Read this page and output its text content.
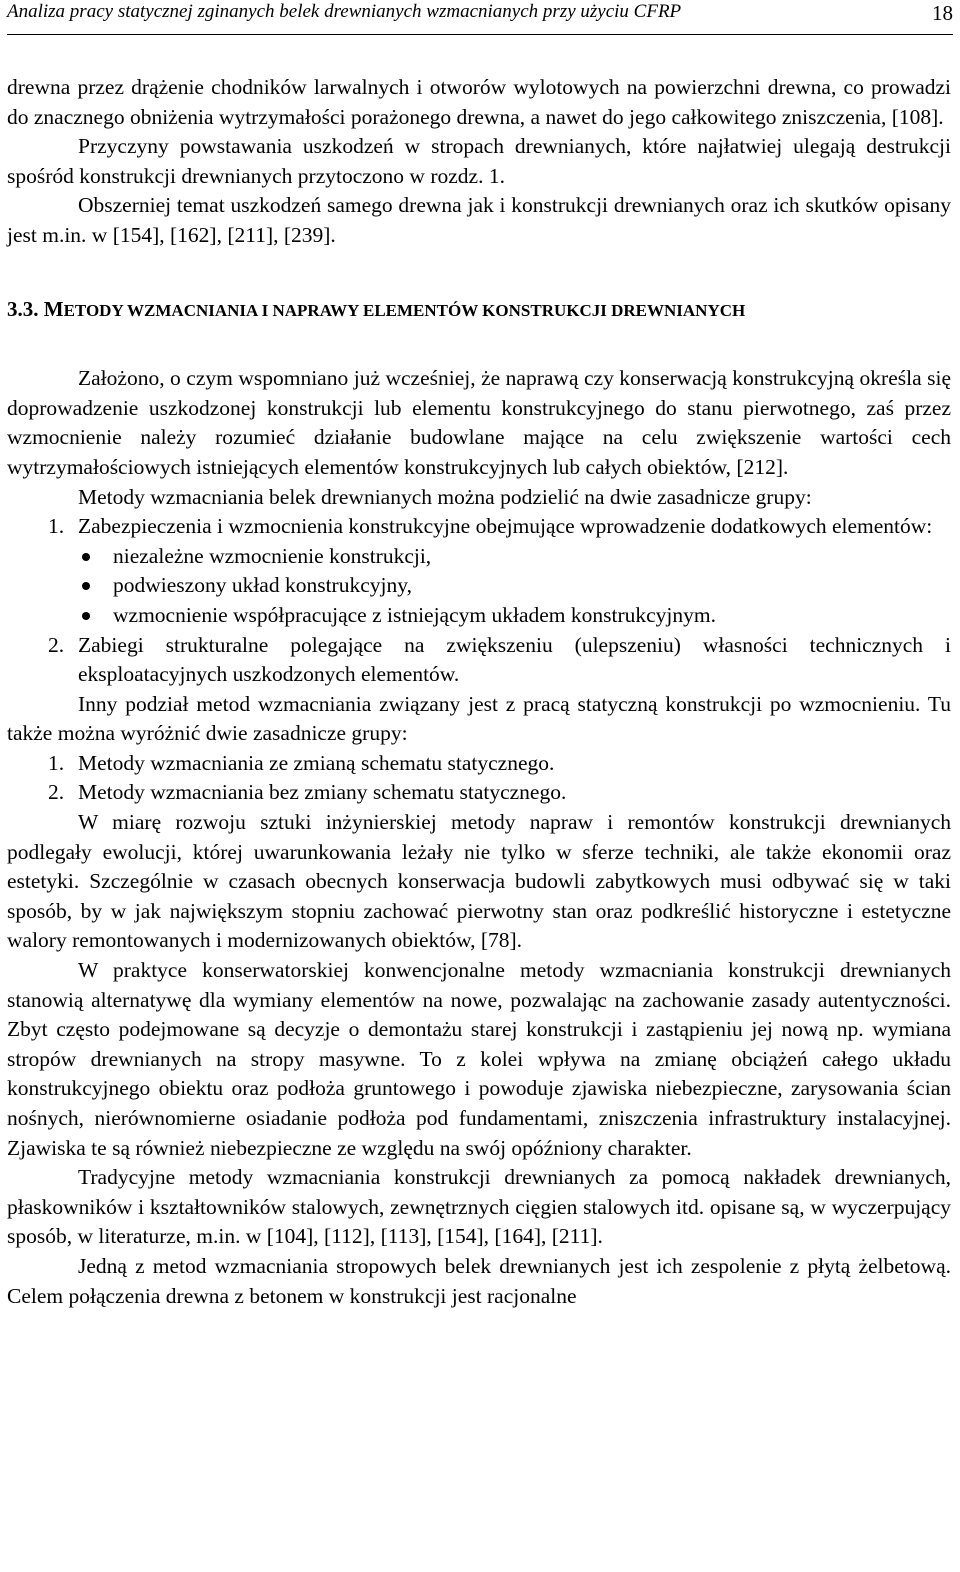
Analiza pracy statycznej zginanych belek drewnianych wzmacnianych przy użyciu CFRP	18

drewna przez drążenie chodników larwalnych i otworów wylotowych na powierzchni drewna, co prowadzi do znacznego obniżenia wytrzymałości porażonego drewna, a nawet do jego całkowitego zniszczenia, [108].

Przyczyny powstawania uszkodzeń w stropach drewnianych, które najłatwiej ulegają destrukcji spośród konstrukcji drewnianych przytoczono w rozdz. 1.

Obszerniej temat uszkodzeń samego drewna jak i konstrukcji drewnianych oraz ich skutków opisany jest m.in. w [154], [162], [211], [239].

3.3. METODY WZMACNIANIA I NAPRAWY ELEMENTÓW KONSTRUKCJI DREWNIANYCH

Założono, o czym wspomniano już wcześniej, że naprawą czy konserwacją konstrukcyjną określa się doprowadzenie uszkodzonej konstrukcji lub elementu konstrukcyjnego do stanu pierwotnego, zaś przez wzmocnienie należy rozumieć działanie budowlane mające na celu zwiększenie wartości cech wytrzymałościowych istniejących elementów konstrukcyjnych lub całych obiektów, [212].

Metody wzmacniania belek drewnianych można podzielić na dwie zasadnicze grupy:

1. Zabezpieczenia i wzmocnienia konstrukcyjne obejmujące wprowadzenie dodatkowych elementów:
niezależne wzmocnienie konstrukcji,
podwieszony układ konstrukcyjny,
wzmocnienie współpracujące z istniejącym układem konstrukcyjnym.
2. Zabiegi strukturalne polegające na zwiększeniu (ulepszeniu) własności technicznych i eksploatacyjnych uszkodzonych elementów.

Inny podział metod wzmacniania związany jest z pracą statyczną konstrukcji po wzmocnieniu. Tu także można wyróżnić dwie zasadnicze grupy:

1. Metody wzmacniania ze zmianą schematu statycznego.
2. Metody wzmacniania bez zmiany schematu statycznego.

W miarę rozwoju sztuki inżynierskiej metody napraw i remontów konstrukcji drewnianych podlegały ewolucji, której uwarunkowania leżały nie tylko w sferze techniki, ale także ekonomii oraz estetyki. Szczególnie w czasach obecnych konserwacja budowli zabytkowych musi odbywać się w taki sposób, by w jak największym stopniu zachować pierwotny stan oraz podkreślić historyczne i estetyczne walory remontowanych i modernizowanych obiektów, [78].

W praktyce konserwatorskiej konwencjonalne metody wzmacniania konstrukcji drewnianych stanowią alternatywę dla wymiany elementów na nowe, pozwalając na zachowanie zasady autentyczności. Zbyt często podejmowane są decyzje o demontażu starej konstrukcji i zastąpieniu jej nową np. wymiana stropów drewnianych na stropy masywne. To z kolei wpływa na zmianę obciążeń całego układu konstrukcyjnego obiektu oraz podłoża gruntowego i powoduje zjawiska niebezpieczne, zarysowania ścian nośnych, nierównomierne osiadanie podłoża pod fundamentami, zniszczenia infrastruktury instalacyjnej. Zjawiska te są również niebezpieczne ze względu na swój opóźniony charakter.

Tradycyjne metody wzmacniania konstrukcji drewnianych za pomocą nakładek drewnianych, płaskowników i kształtowników stalowych, zewnętrznych cięgien stalowych itd. opisane są, w wyczerpujący sposób, w literaturze, m.in. w [104], [112], [113], [154], [164], [211].

Jedną z metod wzmacniania stropowych belek drewnianych jest ich zespolenie z płytą żelbetową. Celem połączenia drewna z betonem w konstrukcji jest racjonalne
